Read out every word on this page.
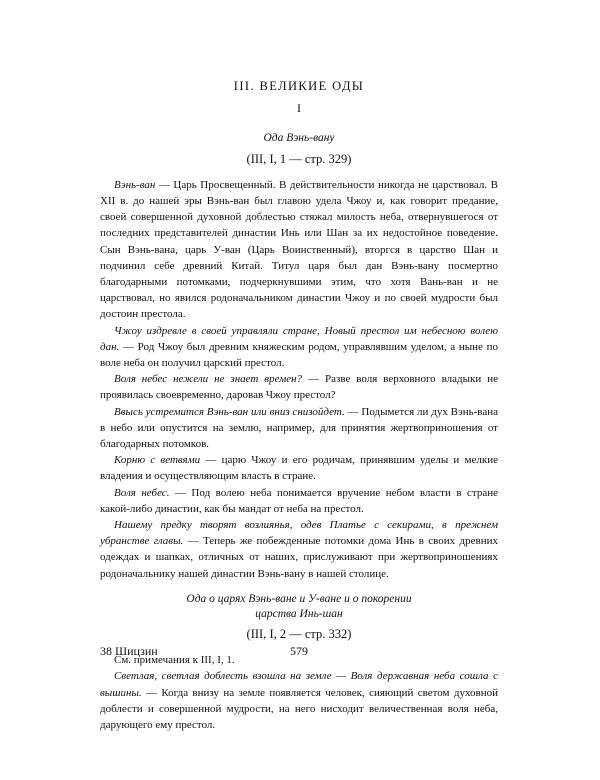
III. ВЕЛИКИЕ ОДЫ
I
Ода Вэнь-вану
(III, I, 1 — стр. 329)

Вэнь-ван — Царь Просвещенный. В действительности никогда не царствовал. В XII в. до нашей эры Вэнь-ван был главою удела Чжоу и, как говорит предание, своей совершенной духовной доблестью стяжал милость неба, отвернувшегося от последних представителей династии Инь или Шан за их недостойное поведение. Сын Вэнь-вана, царь У-ван (Царь Воинственный), вторгся в царство Шан и подчинил себе древний Китай. Титул царя был дан Вэнь-вану посмертно благодарными потомками, подчеркнувшими этим, что хотя Вань-ван и не царствовал, но явился родоначальником династии Чжоу и по своей мудрости был достоин престола.

Чжоу издревле в своей управляли стране, Новый престол им небесною волею дан. — Род Чжоу был древним княжеским родом, управлявшим уделом, а ныне по воле неба он получил царский престол.

Воля небес нежели не знает времен? — Разве воля верховного владыки не проявилась своевременно, даровав Чжоу престол?

Ввысь устремится Вэнь-ван или вниз снизойдет. — Подымется ли дух Вэнь-вана в небо или опустится на землю, например, для принятия жертвоприношения от благодарных потомков.

Корню с ветвями — царю Чжоу и его родичам, принявшим уделы и мелкие владения и осуществляющим власть в стране.

Воля небес. — Под волею неба понимается вручение небом власти в стране какой-либо династии, как бы мандат от неба на престол.

Нашему предку творят возлиянья, одев Платье с секирами, в прежнем убранстве главы. — Теперь же побежденные потомки дома Инь в своих древних одеждах и шапках, отличных от наших, прислуживают при жертвоприношениях родоначальнику нашей династии Вэнь-вану в нашей столице.

Ода о царях Вэнь-ване и У-ване и о покорении
царства Инь-шан
(III, I, 2 — стр. 332)

См. примечания к III, I, 1.

Светлая, светлая доблесть взошла на земле — Воля державная неба сошла с вышины. — Когда внизу на земле появляется человек, сияющий светом духовной доблести и совершенной мудрости, на него нисходит величественная воля неба, дарующего ему престол.

38 Шицзин	579
